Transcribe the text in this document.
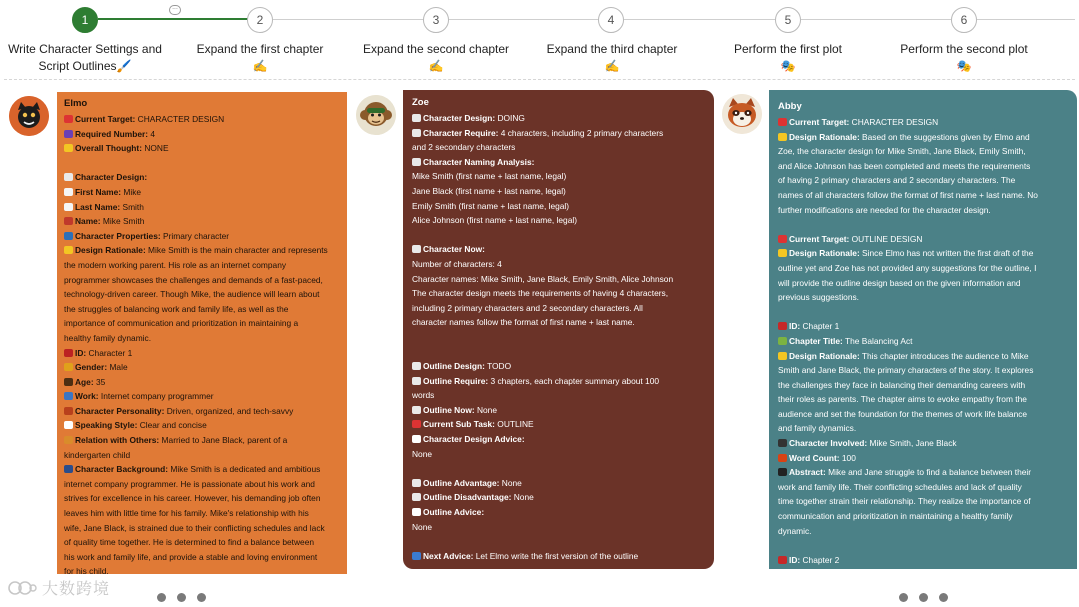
···
1	2	3	4	5	6
Write Character Settings and
Script Outlines🖌️
Expand the first chapter
✍️
Expand the second chapter
✍️
Expand the third chapter
✍️
Perform the first plot
🎭
Perform the second plot
🎭
Elmo
Current Target: CHARACTER DESIGN
Required Number: 4
Overall Thought: NONE
Character Design:
First Name: Mike
Last Name: Smith
Name: Mike Smith
Character Properties: Primary character
Design Rationale: Mike Smith is the main character and represents
the modern working parent. His role as an internet company
programmer showcases the challenges and demands of a fast-paced,
technology-driven career. Though Mike, the audience will learn about
the struggles of balancing work and family life, as well as the
importance of communication and prioritization in maintaining a
healthy family dynamic.
ID: Character 1
Gender: Male
Age: 35
Work: Internet company programmer
Character Personality: Driven, organized, and tech-savvy
Speaking Style: Clear and concise
Relation with Others: Married to Jane Black, parent of a
kindergarten child
Character Background: Mike Smith is a dedicated and ambitious
internet company programmer. He is passionate about his work and
strives for excellence in his career. However, his demanding job often
leaves him with little time for his family. Mike's relationship with his
wife, Jane Black, is strained due to their conflicting schedules and lack
of quality time together. He is determined to find a balance between
his work and family life, and provide a stable and loving environment
for his child.
Zoe
Character Design: DOING
Character Require: 4 characters, including 2 primary characters
and 2 secondary characters
Character Naming Analysis:
Mike Smith (first name + last name, legal)
Jane Black (first name + last name, legal)
Emily Smith (first name + last name, legal)
Alice Johnson (first name + last name, legal)
Character Now:
Number of characters: 4
Character names: Mike Smith, Jane Black, Emily Smith, Alice Johnson
The character design meets the requirements of having 4 characters,
including 2 primary characters and 2 secondary characters. All
character names follow the format of first name + last name.
Outline Design: TODO
Outline Require: 3 chapters, each chapter summary about 100
words
Outline Now: None
Current Sub Task: OUTLINE
Character Design Advice:
None
Outline Advantage: None
Outline Disadvantage: None
Outline Advice:
None
Next Advice: Let Elmo write the first version of the outline
Abby
Current Target: CHARACTER DESIGN
Design Rationale: Based on the suggestions given by Elmo and
Zoe, the character design for Mike Smith, Jane Black, Emily Smith,
and Alice Johnson has been completed and meets the requirements
of having 2 primary characters and 2 secondary characters. The
names of all characters follow the format of first name + last name. No
further modifications are needed for the character design.
Current Target: OUTLINE DESIGN
Design Rationale: Since Elmo has not written the first draft of the
outline yet and Zoe has not provided any suggestions for the outline, I
will provide the outline design based on the given information and
previous suggestions.
ID: Chapter 1
Chapter Title: The Balancing Act
Design Rationale: This chapter introduces the audience to Mike
Smith and Jane Black, the primary characters of the story. It explores
the challenges they face in balancing their demanding careers with
their roles as parents. The chapter aims to evoke empathy from the
audience and set the foundation for the themes of work life balance
and family dynamics.
Character Involved: Mike Smith, Jane Black
Word Count: 100
Abstract: Mike and Jane struggle to find a balance between their
work and family life. Their conflicting schedules and lack of quality
time together strain their relationship. They realize the importance of
communication and prioritization in maintaining a healthy family
dynamic.
ID: Chapter 2
大数跨境
